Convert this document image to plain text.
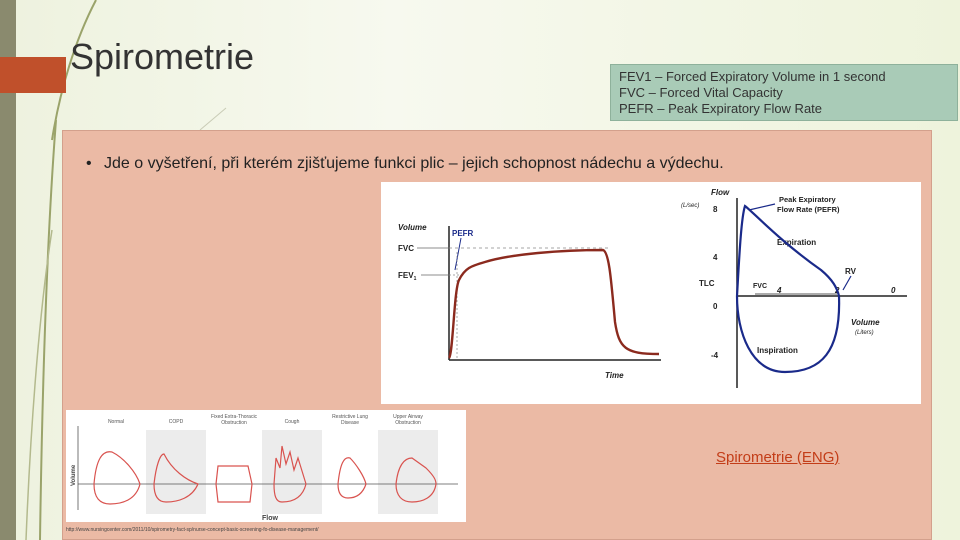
Spirometrie	FEV1 – Forced Expiratory Volume in 1 second
FVC – Forced Vital Capacity
PEFR – Peak Expiratory Flow Rate
• Jde o vyšetření, při kterém zjišťujeme funkci plic – jejich schopnost nádechu a výdechu.
Volume
Time
FVC
$FEV_1$
PEFR
Flow
(L/sec)
Volume
(Liters)
8
4
0
-4
4	2	0
TLC	FVC
RV
Expiration
Inspiration
Peak Expiratory
Flow Rate (PEFR)
Volume
Flow
Normal	COPD
Fixed Extra-Thoracic
Obstruction	Cough
Restrictive Lung
Disease
Upper Airway
Obstruction
Spirometrie (ENG)
http://www.nursingcenter.com/2011/10/spirometry-fact-sp/nurse-concept-basic-screening-fo-disease-management/
